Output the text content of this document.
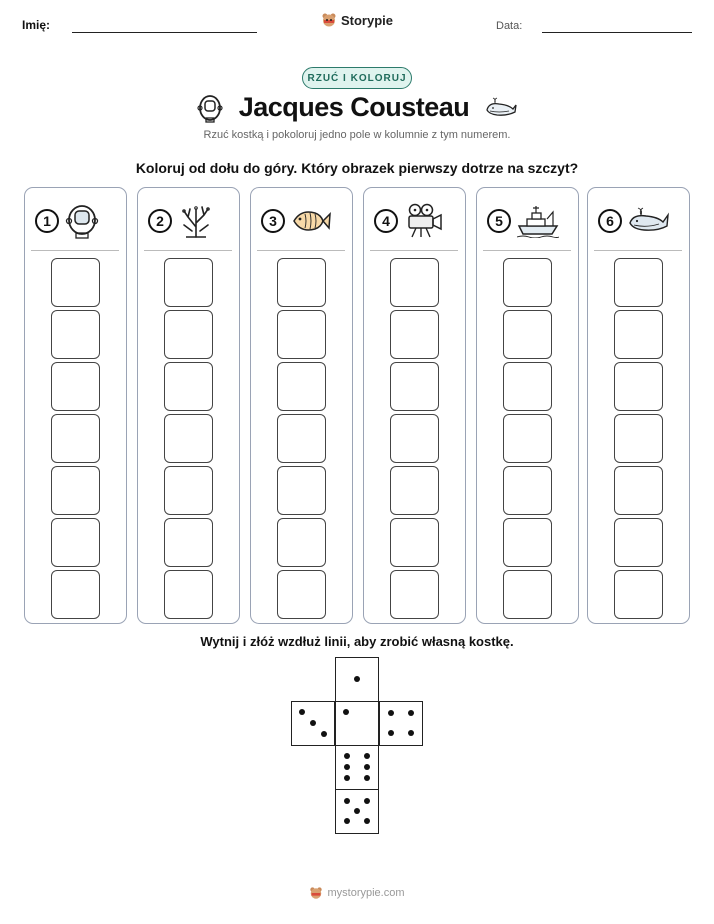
Imię:	Storypie	Data:
RZUĆ I KOLORUJ
Jacques Cousteau
Rzuć kostką i pokoloruj jedno pole w kolumnie z tym numerem.
Koloruj od dołu do góry. Który obrazek pierwszy dotrze na szczyt?
1	2	3	4	5	6
Wytnij i złóż wzdłuż linii, aby zrobić własną kostkę.
mystorypie.com
